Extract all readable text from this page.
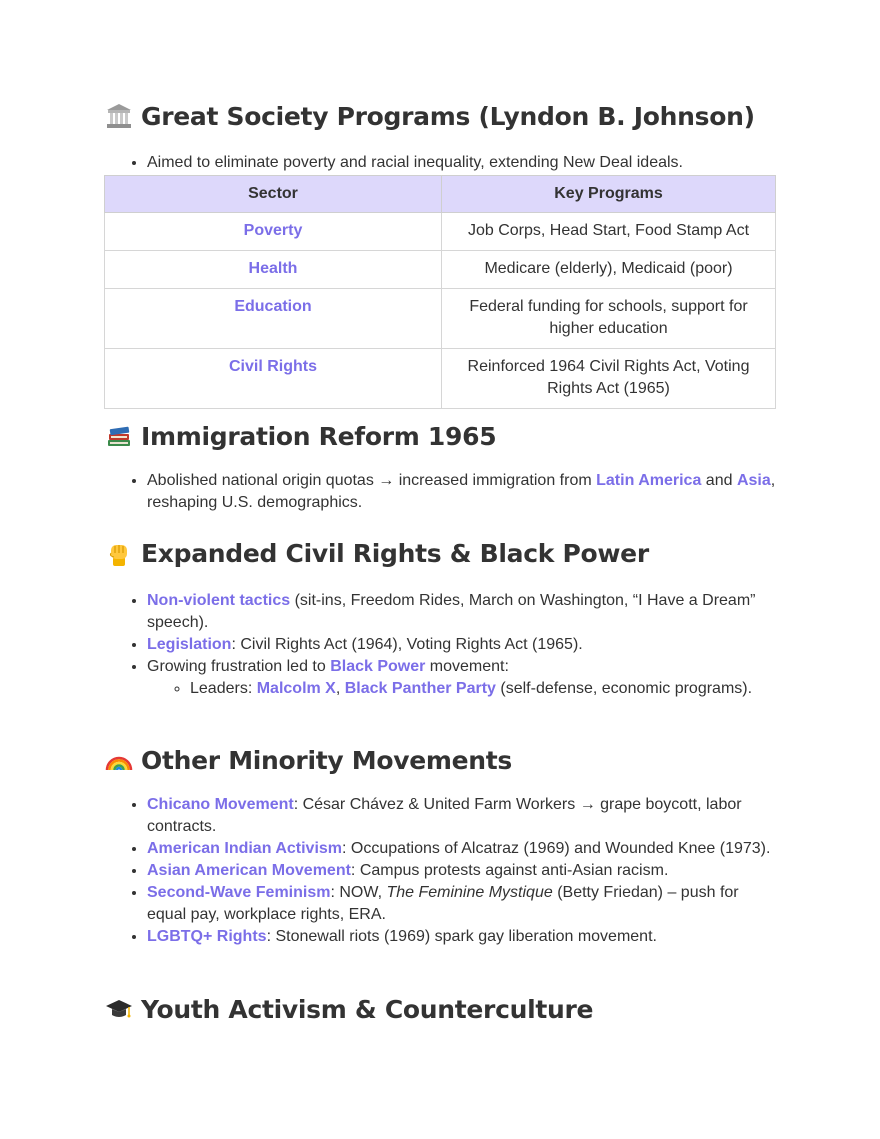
Great Society Programs (Lyndon B. Johnson)
• Aimed to eliminate poverty and racial inequality, extending New Deal ideals.
Sector	Key Programs
Poverty	Job Corps, Head Start, Food Stamp Act
Health	Medicare (elderly), Medicaid (poor)
Education	Federal funding for schools, support for higher education
Civil Rights	Reinforced 1964 Civil Rights Act, Voting Rights Act (1965)
Immigration Reform 1965
• Abolished national origin quotas → increased immigration from Latin America and Asia, reshaping U.S. demographics.
Expanded Civil Rights & Black Power
• Non-violent tactics (sit-ins, Freedom Rides, March on Washington, “I Have a Dream” speech).
• Legislation: Civil Rights Act (1964), Voting Rights Act (1965).
• Growing frustration led to Black Power movement:
◦ Leaders: Malcolm X, Black Panther Party (self-defense, economic programs).
Other Minority Movements
• Chicano Movement: César Chávez & United Farm Workers → grape boycott, labor contracts.
• American Indian Activism: Occupations of Alcatraz (1969) and Wounded Knee (1973).
• Asian American Movement: Campus protests against anti-Asian racism.
• Second-Wave Feminism: NOW, The Feminine Mystique (Betty Friedan) – push for equal pay, workplace rights, ERA.
• LGBTQ+ Rights: Stonewall riots (1969) spark gay liberation movement.
Youth Activism & Counterculture
